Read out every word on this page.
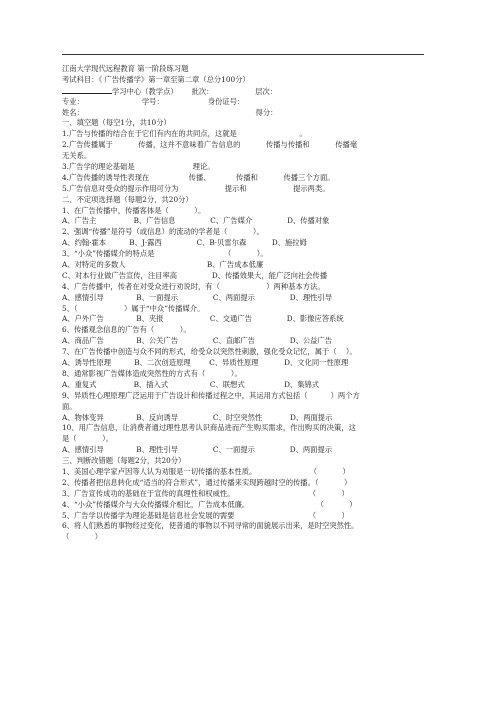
江南大学现代远程教育 第一阶段练习题
考试科目：《 广告传播学》第一章至第二章（总分100分）
学习中心（教学点）      批次：                  层次：
专业：                         学号：                   身份证号：
姓名：                                                                          得分：
一、填空题（每空1分，共10分）
1.广告与传播的结合在于它们有内在的共同点，这就是                           。
2.广告传播属于           传播，这并不意味着广告信息的           传播与传播和           传播毫
无关系。
3.广告学的理论基础是                         理论。
4.广告传播的诱导性表现在                 传播、           传播和           传播三个方面。
5.广告信息对受众的提示作用可分为                    提示和                    提示两类。
二、不定项选择题（每题2分，共20分）
1、在广告传播中，传播客体是（           ）。
A、广告主                B、广告信息               C、广告媒介               D、传播对象
2、强调“传播”是符号（或信息）的流动的学者是（           ）。
A、约翰·霍本          B、J·露西               C、B·贝雷尔森           D、施拉姆
3、“小众”传播媒介的特点是                              （           ）。
A、对特定的多数人                                   B、广告成本低廉
C、对本行业做广告宣传，注目率高               D、传播效果大，能广泛向社会传播
4、广告传播中，传者在对受众进行劝说时，有（                    ）两种基本方法。
A、感情引导              B、一面提示               C、两面提示               D、理性引导
5、（                    ）属于“中众”传播媒介。
A、户外广告              B、夹报                    C、交通广告               D、影像应答系统
6、传播观念信息的广告有（           ）。
A、商品广告              B、公关广告               C、直邮广告               D、公益广告
7、在广告传播中创造与众不同的形式，给受众以突然性刺激，强化受众记忆，属于（    ）。
A、诱导性原理          B、二次创造原理        C、异质性原理           D、文化同一性原理
8、通常影视广告媒体造成突然性的方式有（           ）。
A、重复式                B、插入式                  C、联想式                 D、集锦式
9、异质性心理原理广泛运用于广告设计和传播过程之中，其运用方式包括（          ）两个方
面。
A、物体变异              B、反向诱导               C、时空突然性            D、两面提示
10、用广告信息，让消费者通过理性思考认识商品进而产生购买需求，作出购买的决策，这
是（           ）。
A、感情引导              B、理性引导               C、一面提示               D、两面提示
三、判断改错题（每题2分，共20分）
1、美国心理学家卢因等人认为劝服是一切传播的基本性质。                       （           ）
2、传播者把信息转化成“适当的符合形式”，通过传播来实现跨越时空的传播。（           ）
3、广告宣传成功的基础在于宣传的真理性和权威性。                                （           ）
4、“小众”传播媒介与大众传播媒介相比，广告成本低廉。                             （           ）
5、广告学以传播学为理论基础是信息社会发展的需要                                （           ）
6、将人们熟悉的事物经过变化，使普通的事物以不同寻常的面貌展示出来，是时空突然性。
（           ）
